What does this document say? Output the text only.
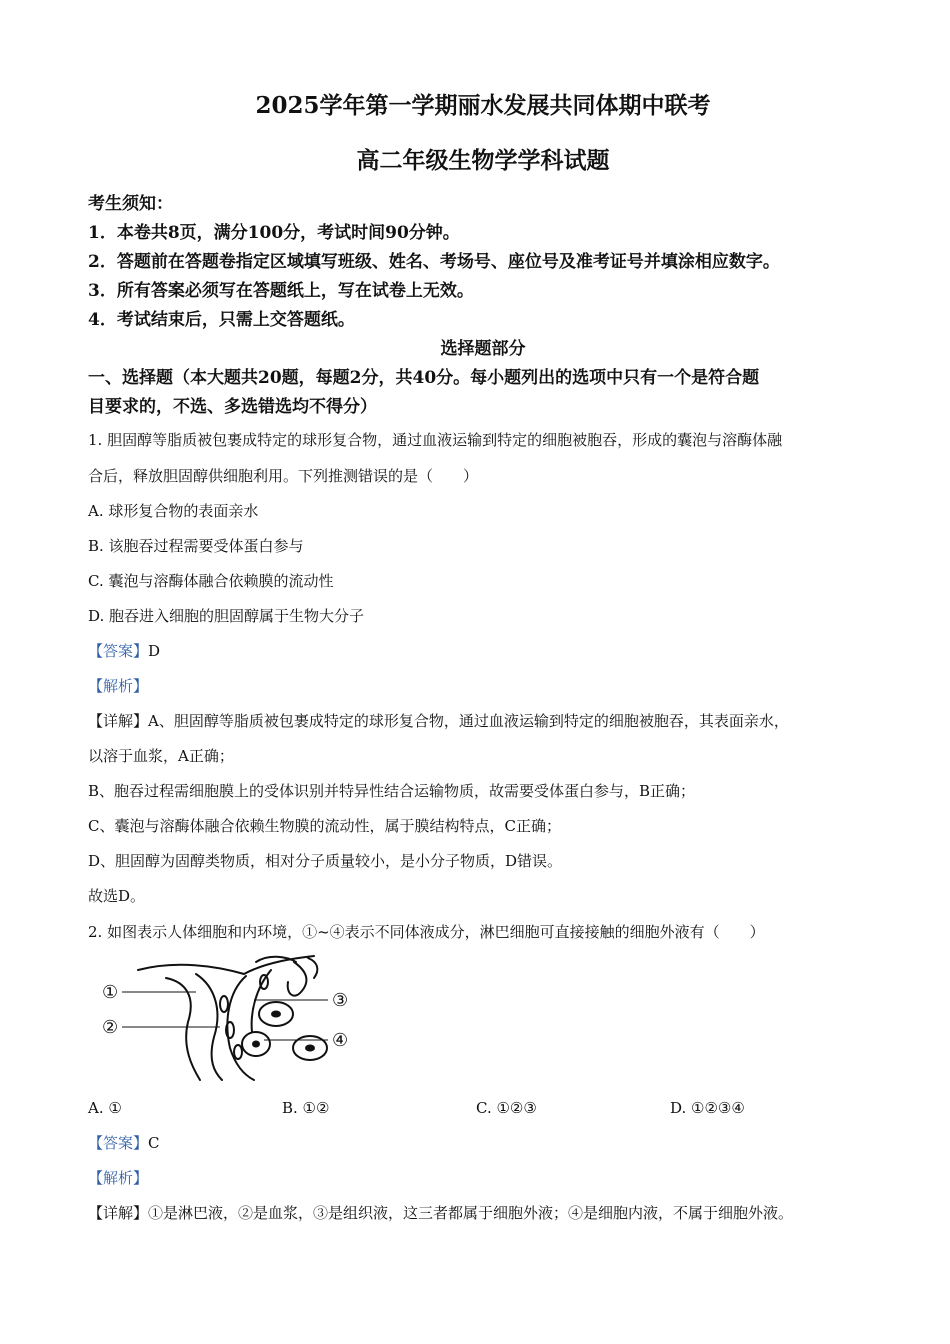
2025学年第一学期丽水发展共同体期中联考
高二年级生物学学科试题
考生须知：
1．本卷共8页，满分100分，考试时间90分钟。
2．答题前在答题卷指定区域填写班级、姓名、考场号、座位号及准考证号并填涂相应数字。
3．所有答案必须写在答题纸上，写在试卷上无效。
4．考试结束后，只需上交答题纸。
选择题部分
一、选择题（本大题共20题，每题2分，共40分。每小题列出的选项中只有一个是符合题
目要求的，不选、多选错选均不得分）
1. 胆固醇等脂质被包裹成特定的球形复合物，通过血液运输到特定的细胞被胞吞，形成的囊泡与溶酶体融
合后，释放胆固醇供细胞利用。下列推测错误的是（　　）
A. 球形复合物的表面亲水
B. 该胞吞过程需要受体蛋白参与
C. 囊泡与溶酶体融合依赖膜的流动性
D. 胞吞进入细胞的胆固醇属于生物大分子
【答案】D
【解析】
【详解】A、胆固醇等脂质被包裹成特定的球形复合物，通过血液运输到特定的细胞被胞吞，其表面亲水，
以溶于血浆，A正确；
B、胞吞过程需细胞膜上的受体识别并特异性结合运输物质，故需要受体蛋白参与，B正确；
C、囊泡与溶酶体融合依赖生物膜的流动性，属于膜结构特点，C正确；
D、胆固醇为固醇类物质，相对分子质量较小，是小分子物质，D错误。
故选D。
2. 如图表示人体细胞和内环境，①~④表示不同体液成分，淋巴细胞可直接接触的细胞外液有（　　）
①
②
③
④
A. ①	B. ①②	C. ①②③	D. ①②③④
【答案】C
【解析】
【详解】①是淋巴液，②是血浆，③是组织液，这三者都属于细胞外液；④是细胞内液，不属于细胞外液。
